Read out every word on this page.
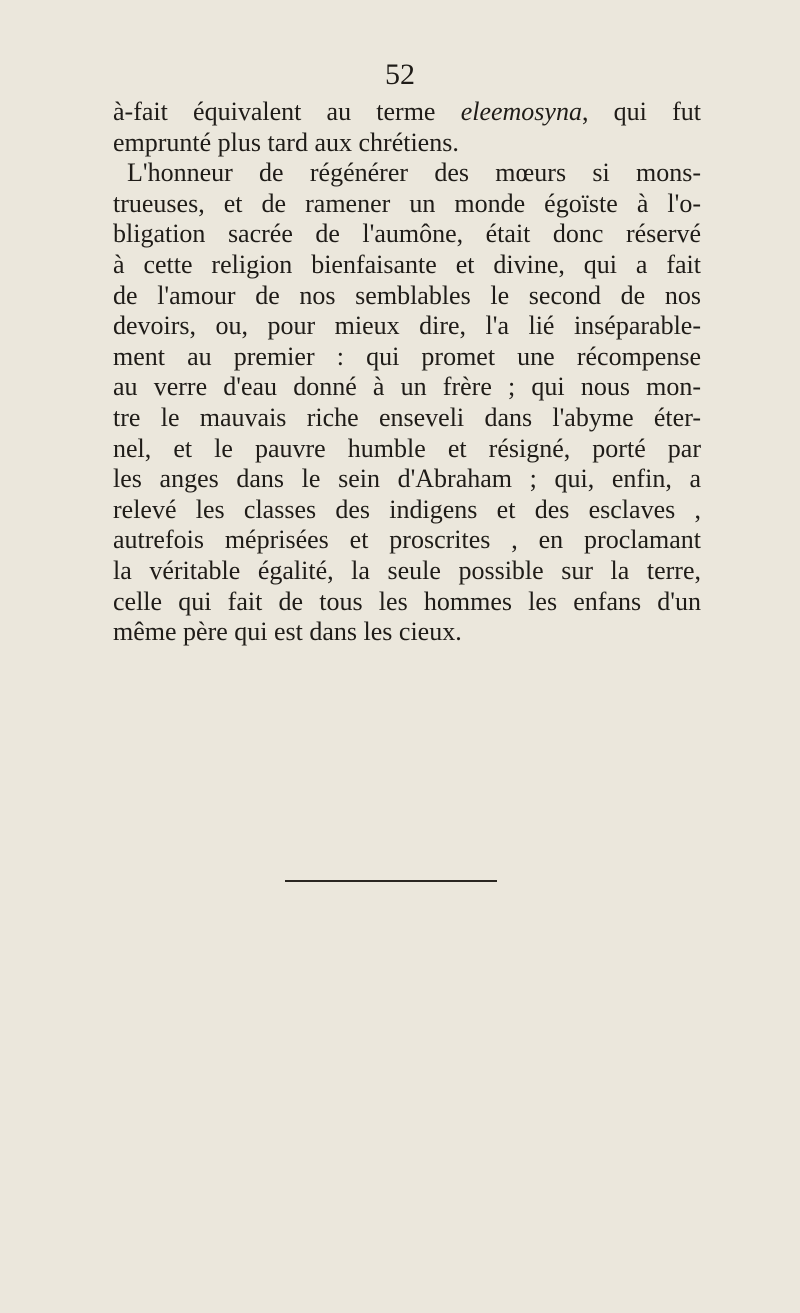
52
à-fait équivalent au terme eleemosyna, qui fut
emprunté plus tard aux chrétiens.
L'honneur de régénérer des mœurs si mons-
trueuses, et de ramener un monde égoïste à l'o-
bligation sacrée de l'aumône, était donc réservé
à cette religion bienfaisante et divine, qui a fait
de l'amour de nos semblables le second de nos
devoirs, ou, pour mieux dire, l'a lié inséparable-
ment au premier : qui promet une récompense
au verre d'eau donné à un frère ; qui nous mon-
tre le mauvais riche enseveli dans l'abyme éter-
nel, et le pauvre humble et résigné, porté par
les anges dans le sein d'Abraham ; qui, enfin, a
relevé les classes des indigens et des esclaves ,
autrefois méprisées et proscrites , en proclamant
la véritable égalité, la seule possible sur la terre,
celle qui fait de tous les hommes les enfans d'un
même père qui est dans les cieux.
